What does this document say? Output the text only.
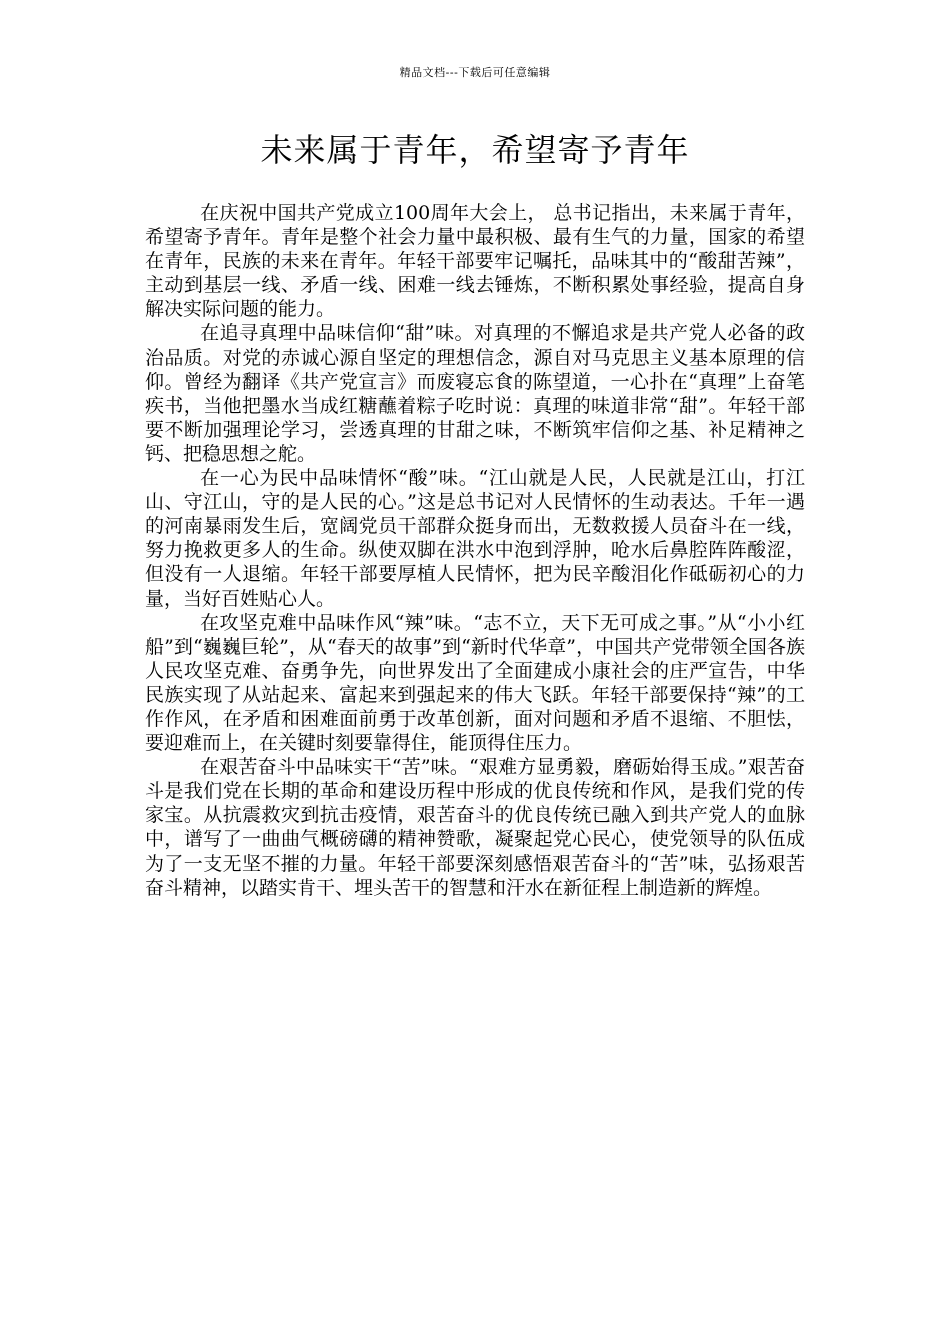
精品文档---下载后可任意编辑
未来属于青年，希望寄予青年

在庆祝中国共产党成立100周年大会上， 总书记指出，未来属于青年，希望寄予青年。青年是整个社会力量中最积极、最有生气的力量，国家的希望在青年，民族的未来在青年。年轻干部要牢记嘱托，品味其中的“酸甜苦辣”，主动到基层一线、矛盾一线、困难一线去锤炼，不断积累处事经验，提高自身解决实际问题的能力。

在追寻真理中品味信仰“甜”味。对真理的不懈追求是共产党人必备的政治品质。对党的赤诚心源自坚定的理想信念，源自对马克思主义基本原理的信仰。曾经为翻译《共产党宣言》而废寝忘食的陈望道，一心扑在“真理”上奋笔疾书，当他把墨水当成红糖蘸着粽子吃时说：真理的味道非常“甜”。年轻干部要不断加强理论学习，尝透真理的甘甜之味，不断筑牢信仰之基、补足精神之钙、把稳思想之舵。

在一心为民中品味情怀“酸”味。“江山就是人民，人民就是江山，打江山、守江山，守的是人民的心。”这是总书记对人民情怀的生动表达。千年一遇的河南暴雨发生后，宽阔党员干部群众挺身而出，无数救援人员奋斗在一线，努力挽救更多人的生命。纵使双脚在洪水中泡到浮肿，呛水后鼻腔阵阵酸涩，但没有一人退缩。年轻干部要厚植人民情怀，把为民辛酸泪化作砥砺初心的力量，当好百姓贴心人。

在攻坚克难中品味作风“辣”味。“志不立，天下无可成之事。”从“小小红船”到“巍巍巨轮”，从“春天的故事”到“新时代华章”，中国共产党带领全国各族人民攻坚克难、奋勇争先，向世界发出了全面建成小康社会的庄严宣告，中华民族实现了从站起来、富起来到强起来的伟大飞跃。年轻干部要保持“辣”的工作作风，在矛盾和困难面前勇于改革创新，面对问题和矛盾不退缩、不胆怯，要迎难而上，在关键时刻要靠得住，能顶得住压力。

在艰苦奋斗中品味实干“苦”味。“艰难方显勇毅，磨砺始得玉成。”艰苦奋斗是我们党在长期的革命和建设历程中形成的优良传统和作风，是我们党的传家宝。从抗震救灾到抗击疫情，艰苦奋斗的优良传统已融入到共产党人的血脉中，谱写了一曲曲气概磅礴的精神赞歌，凝聚起党心民心，使党领导的队伍成为了一支无坚不摧的力量。年轻干部要深刻感悟艰苦奋斗的“苦”味，弘扬艰苦奋斗精神，以踏实肯干、埋头苦干的智慧和汗水在新征程上制造新的辉煌。
